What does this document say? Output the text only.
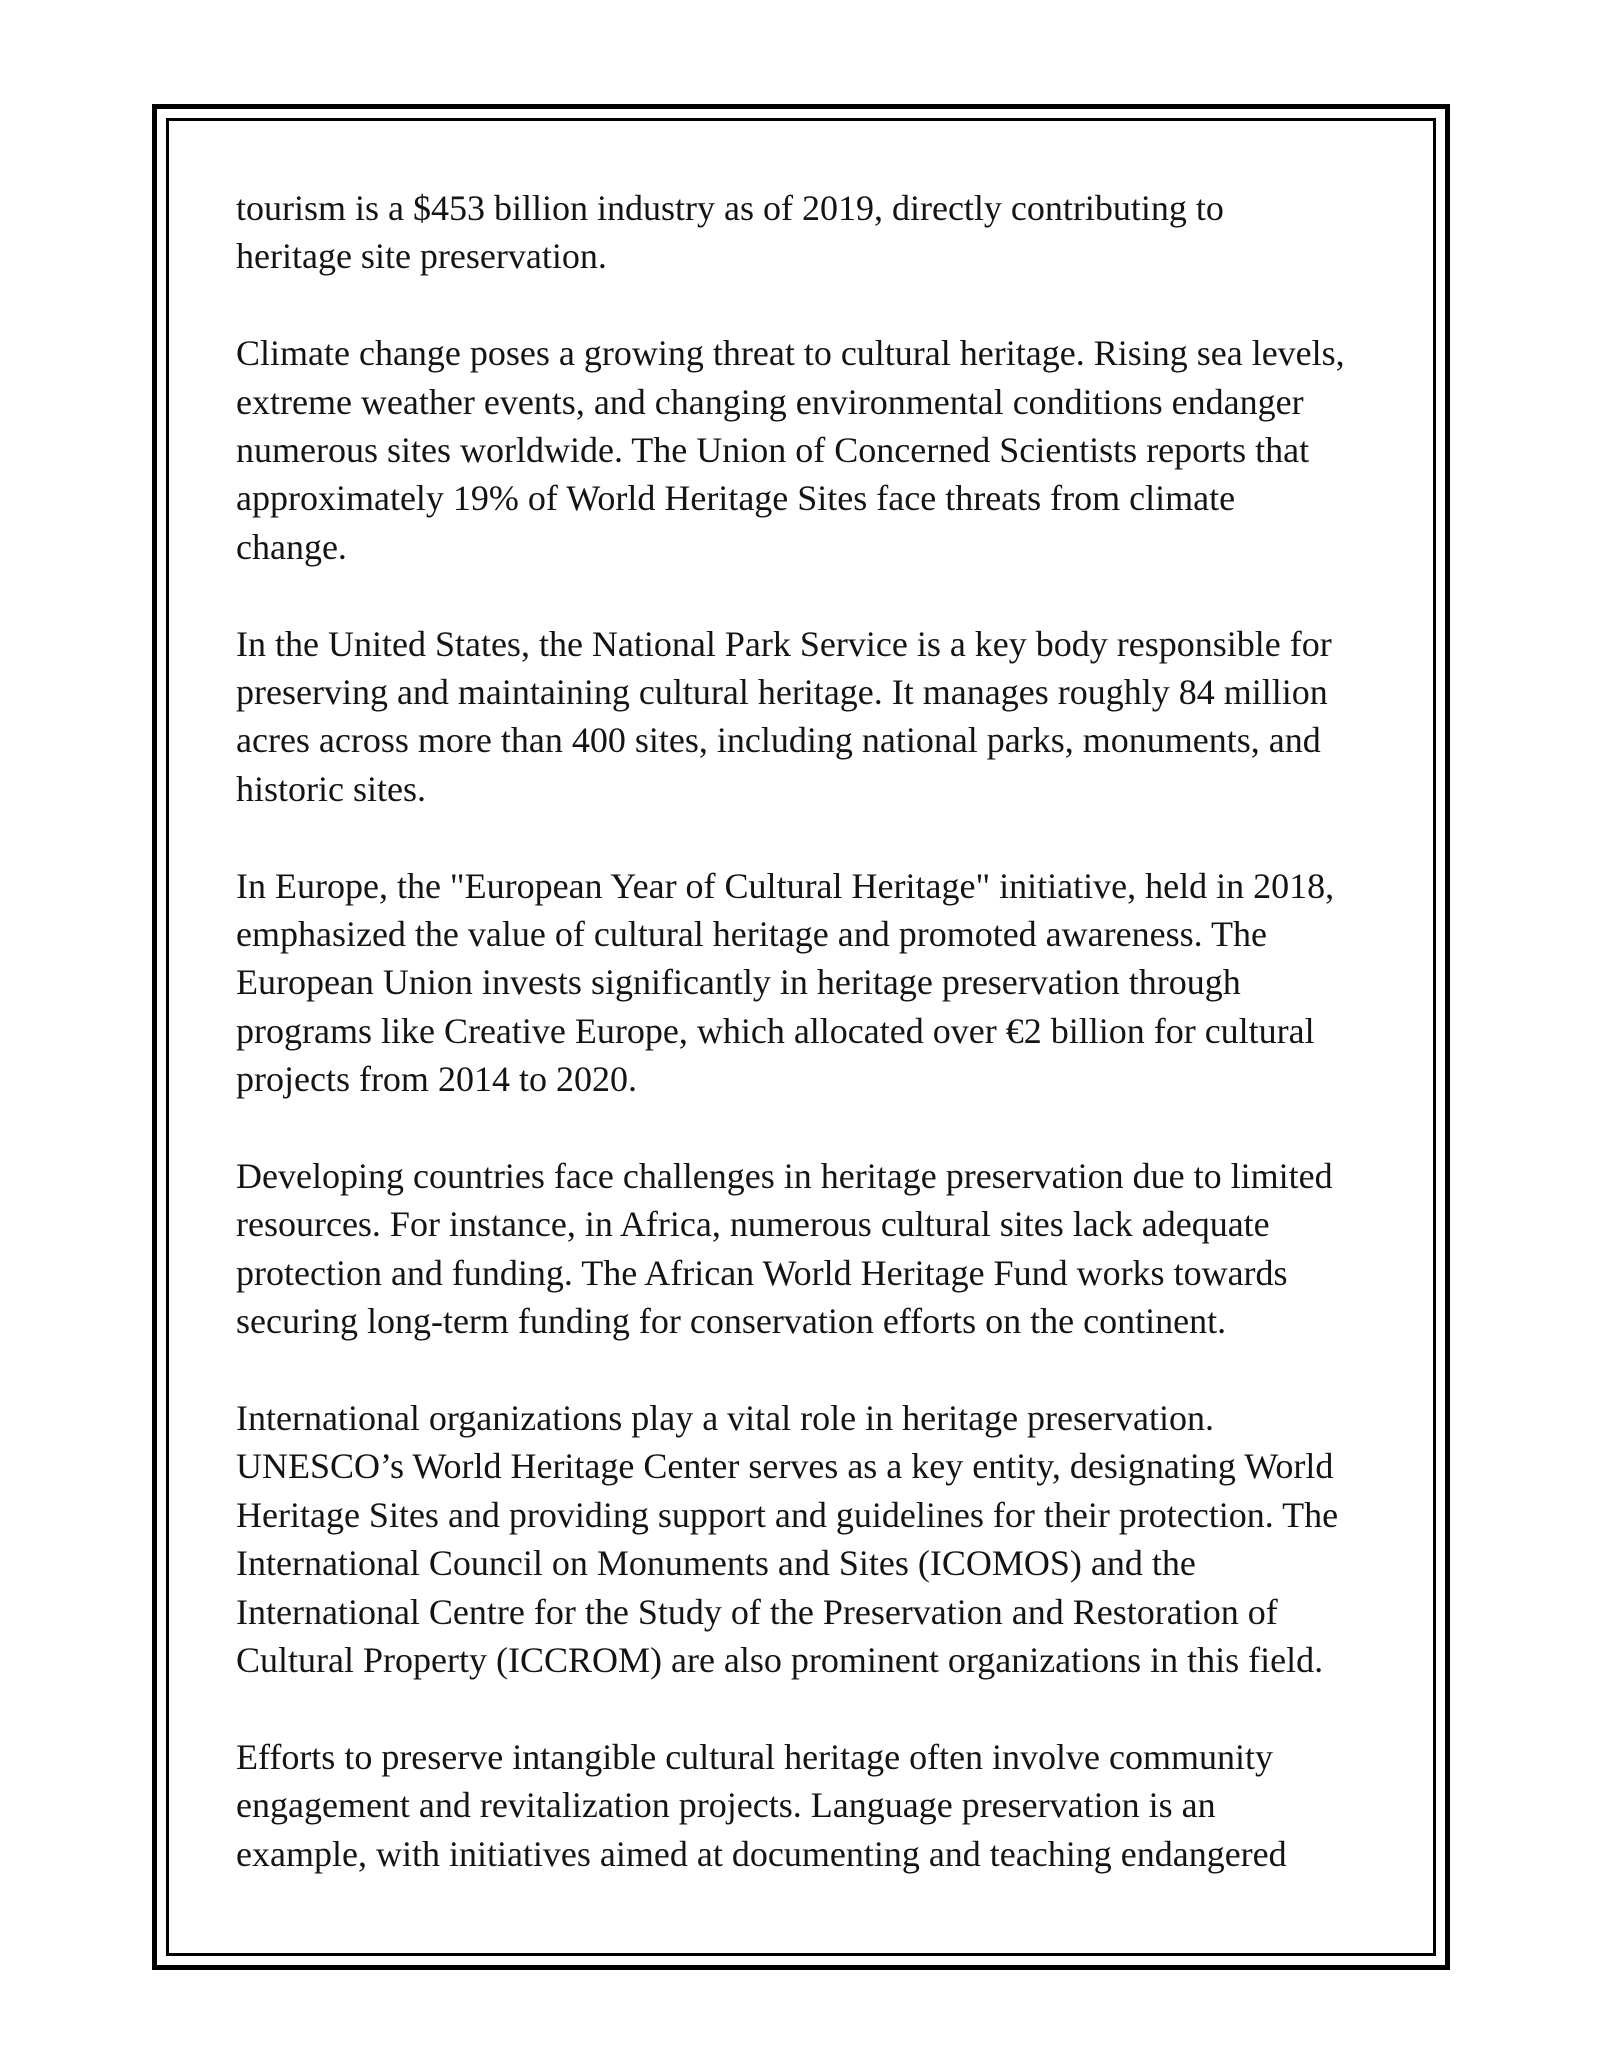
tourism is a $453 billion industry as of 2019, directly contributing to
heritage site preservation.

Climate change poses a growing threat to cultural heritage. Rising sea levels,
extreme weather events, and changing environmental conditions endanger
numerous sites worldwide. The Union of Concerned Scientists reports that
approximately 19% of World Heritage Sites face threats from climate
change.

In the United States, the National Park Service is a key body responsible for
preserving and maintaining cultural heritage. It manages roughly 84 million
acres across more than 400 sites, including national parks, monuments, and
historic sites.

In Europe, the "European Year of Cultural Heritage" initiative, held in 2018,
emphasized the value of cultural heritage and promoted awareness. The
European Union invests significantly in heritage preservation through
programs like Creative Europe, which allocated over €2 billion for cultural
projects from 2014 to 2020.

Developing countries face challenges in heritage preservation due to limited
resources. For instance, in Africa, numerous cultural sites lack adequate
protection and funding. The African World Heritage Fund works towards
securing long-term funding for conservation efforts on the continent.

International organizations play a vital role in heritage preservation.
UNESCO’s World Heritage Center serves as a key entity, designating World
Heritage Sites and providing support and guidelines for their protection. The
International Council on Monuments and Sites (ICOMOS) and the
International Centre for the Study of the Preservation and Restoration of
Cultural Property (ICCROM) are also prominent organizations in this field.

Efforts to preserve intangible cultural heritage often involve community
engagement and revitalization projects. Language preservation is an
example, with initiatives aimed at documenting and teaching endangered
